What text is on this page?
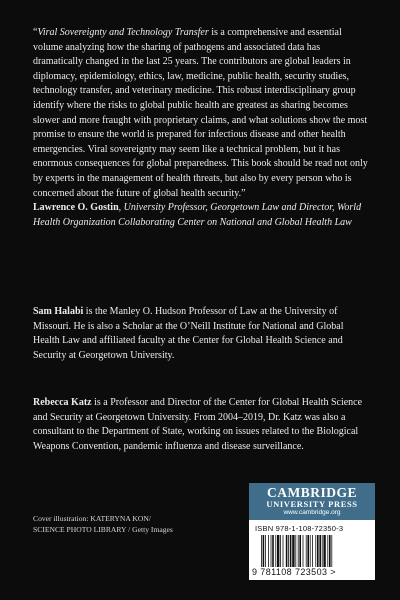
“Viral Sovereignty and Technology Transfer is a comprehensive and essential volume analyzing how the sharing of pathogens and associated data has dramatically changed in the last 25 years. The contributors are global leaders in diplomacy, epidemiology, ethics, law, medicine, public health, security studies, technology transfer, and veterinary medicine. This robust interdisciplinary group identify where the risks to global public health are greatest as sharing becomes slower and more fraught with proprietary claims, and what solutions show the most promise to ensure the world is prepared for infectious disease and other health emergencies. Viral sovereignty may seem like a technical problem, but it has enormous consequences for global preparedness. This book should be read not only by experts in the management of health threats, but also by every person who is concerned about the future of global health security.”

Lawrence O. Gostin, University Professor, Georgetown Law and Director, World Health Organization Collaborating Center on National and Global Health Law

Sam Halabi is the Manley O. Hudson Professor of Law at the University of Missouri. He is also a Scholar at the O’Neill Institute for National and Global Health Law and affiliated faculty at the Center for Global Health Science and Security at Georgetown University.

Rebecca Katz is a Professor and Director of the Center for Global Health Science and Security at Georgetown University. From 2004–2019, Dr. Katz was also a consultant to the Department of State, working on issues related to the Biological Weapons Convention, pandemic influenza and disease surveillance.

Cover illustration: KATERYNA KON/
SCIENCE PHOTO LIBRARY / Getty Images
CAMBRIDGE
UNIVERSITY PRESS
www.cambridge.org
ISBN 978-1-108-72350-3
9 781108 723503 >
